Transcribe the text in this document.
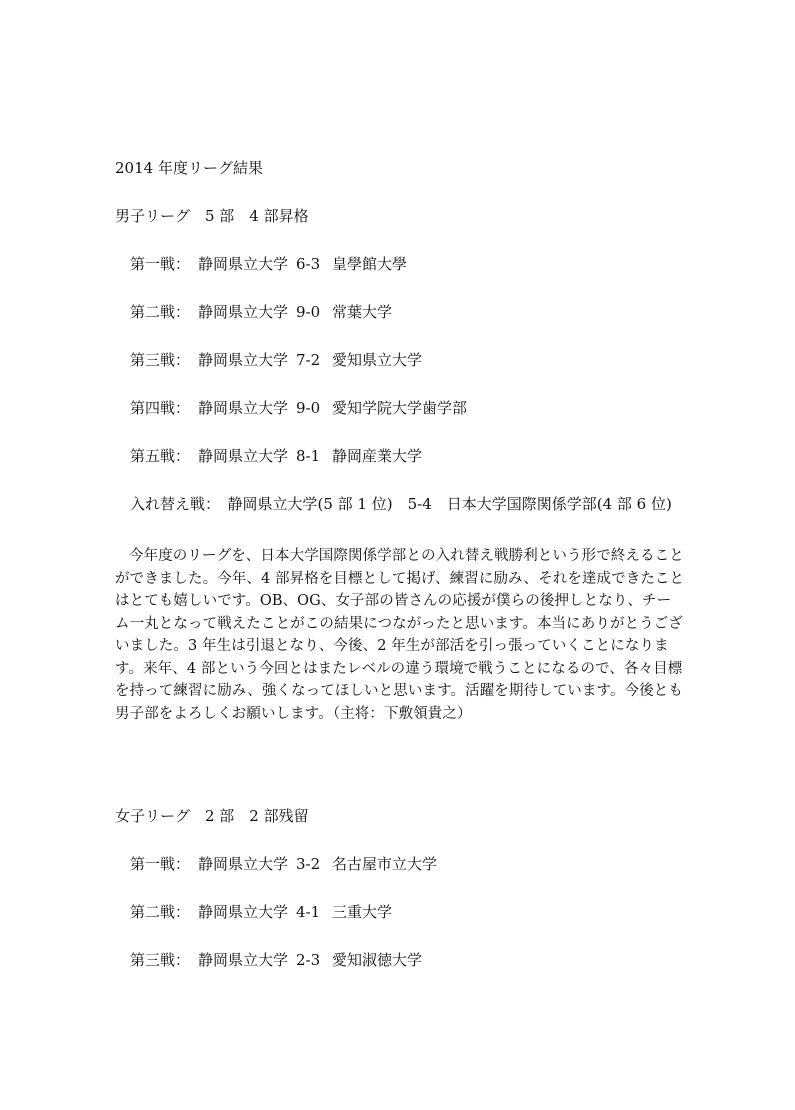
2014 年度リーグ結果
男子リーグ　5 部　4 部昇格
第一戦： 静岡県立大学 6-3 皇學館大學
第二戦： 静岡県立大学 9-0 常葉大学
第三戦： 静岡県立大学 7-2 愛知県立大学
第四戦： 静岡県立大学 9-0 愛知学院大学歯学部
第五戦： 静岡県立大学 8-1 静岡産業大学
入れ替え戦：　静岡県立大学(5 部 1 位)　5-4　日本大学国際関係学部(4 部 6 位)
今年度のリーグを、日本大学国際関係学部との入れ替え戦勝利という形で終えることができました。今年、4 部昇格を目標として掲げ、練習に励み、それを達成できたことはとても嬉しいです。OB、OG、女子部の皆さんの応援が僕らの後押しとなり、チーム一丸となって戦えたことがこの結果につながったと思います。本当にありがとうございました。3 年生は引退となり、今後、2 年生が部活を引っ張っていくことになります。来年、4 部という今回とはまたレベルの違う環境で戦うことになるので、各々目標を持って練習に励み、強くなってほしいと思います。活躍を期待しています。今後とも男子部をよろしくお願いします。（主将：下敷領貴之）
女子リーグ　2 部　2 部残留
第一戦： 静岡県立大学 3-2 名古屋市立大学
第二戦： 静岡県立大学 4-1 三重大学
第三戦： 静岡県立大学 2-3 愛知淑徳大学
